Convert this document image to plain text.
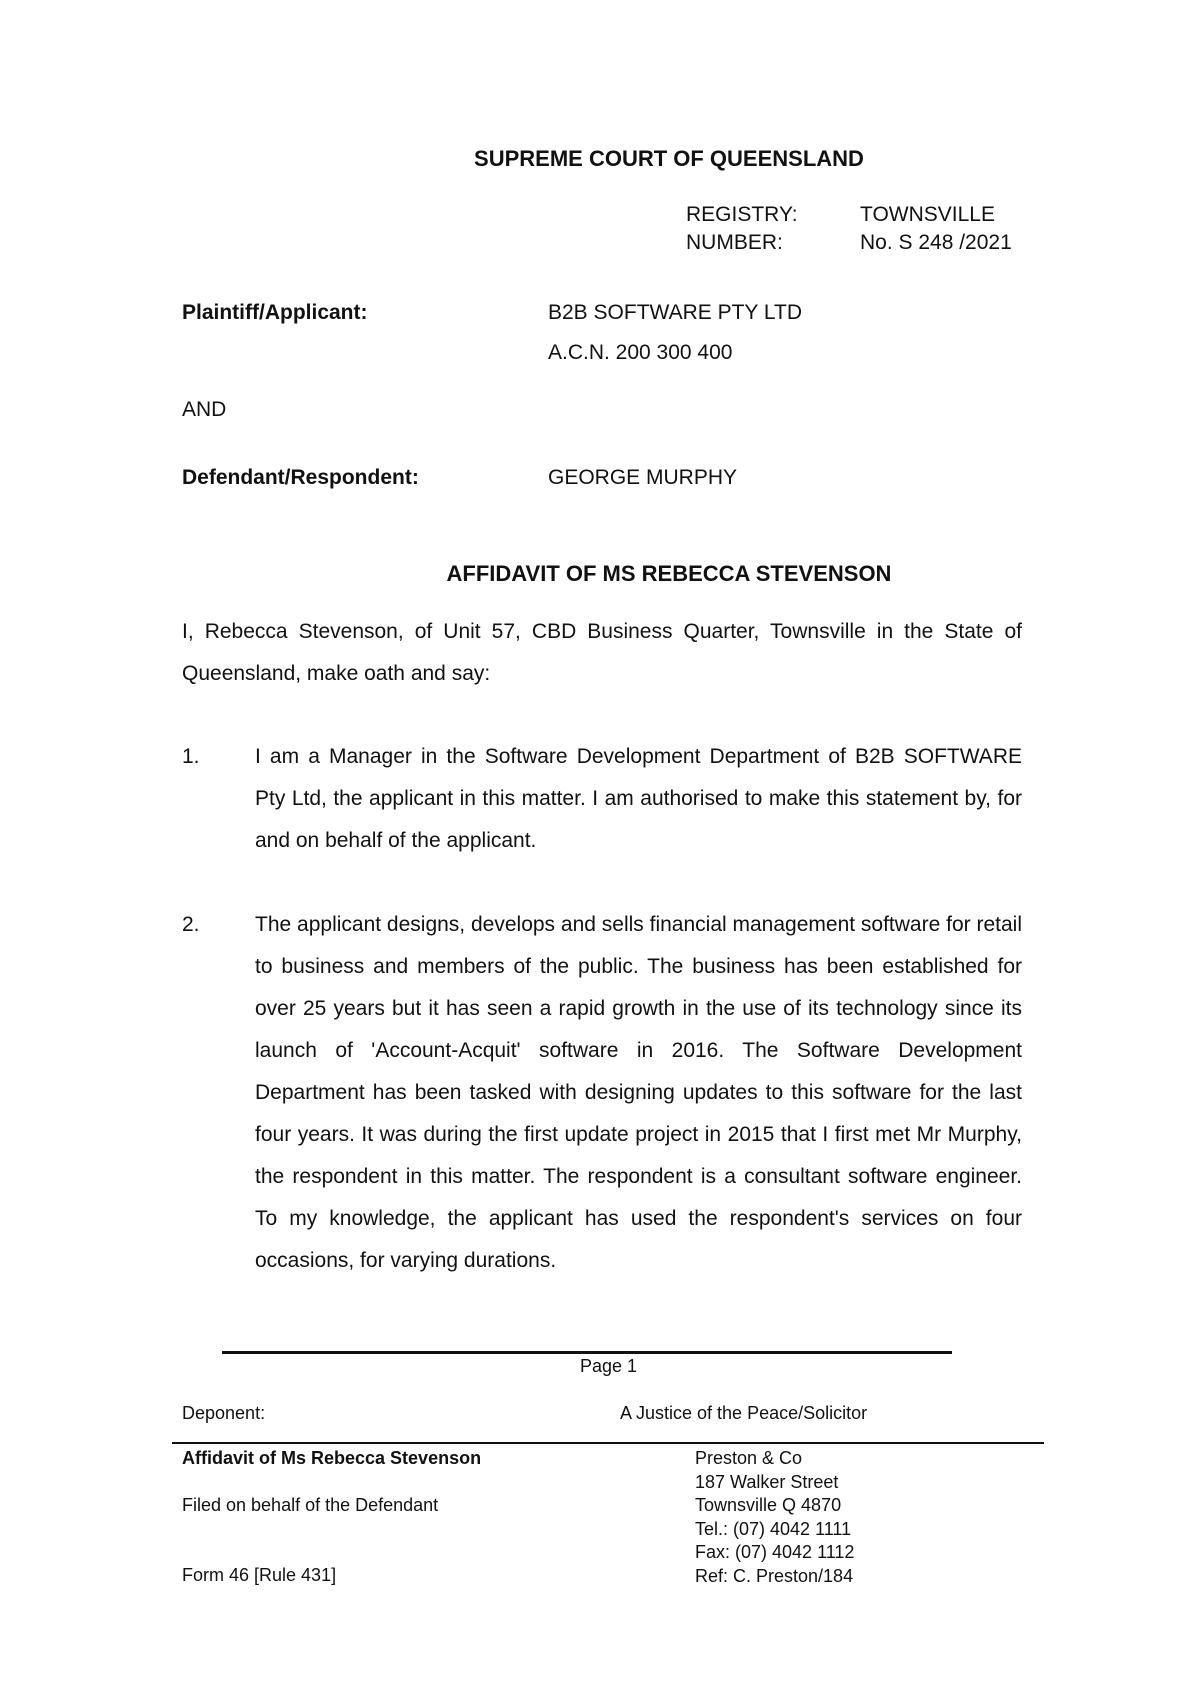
SUPREME COURT OF QUEENSLAND
REGISTRY:	TOWNSVILLE
NUMBER:	No. S 248 /2021
Plaintiff/Applicant:	B2B SOFTWARE PTY LTD
A.C.N. 200 300 400
AND
Defendant/Respondent:	GEORGE MURPHY
AFFIDAVIT OF MS REBECCA STEVENSON
I, Rebecca Stevenson, of Unit 57, CBD Business Quarter, Townsville in the State of Queensland, make oath and say:
1.	I am a Manager in the Software Development Department of B2B SOFTWARE Pty Ltd, the applicant in this matter. I am authorised to make this statement by, for and on behalf of the applicant.
2.	The applicant designs, develops and sells financial management software for retail to business and members of the public. The business has been established for over 25 years but it has seen a rapid growth in the use of its technology since its launch of 'Account-Acquit' software in 2016. The Software Development Department has been tasked with designing updates to this software for the last four years. It was during the first update project in 2015 that I first met Mr Murphy, the respondent in this matter. The respondent is a consultant software engineer. To my knowledge, the applicant has used the respondent's services on four occasions, for varying durations.
Page 1
Deponent:	A Justice of the Peace/Solicitor
Affidavit of Ms Rebecca Stevenson
Filed on behalf of the Defendant
Form 46 [Rule 431]
Preston & Co
187 Walker Street
Townsville Q 4870
Tel.: (07) 4042 1111
Fax: (07) 4042 1112
Ref: C. Preston/184
